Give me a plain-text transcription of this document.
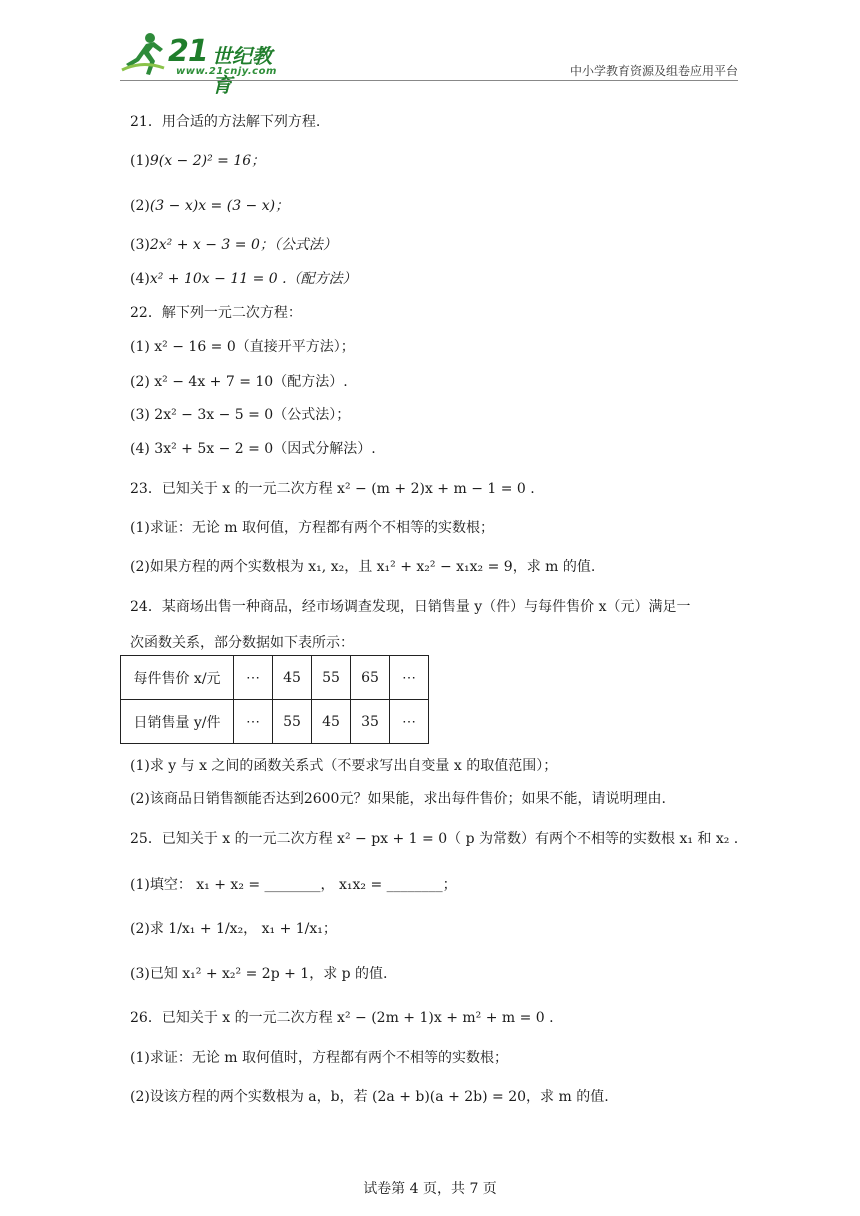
21 世纪教育
www.21cnjy.com	中小学教育资源及组卷应用平台
21．用合适的方法解下列方程.
(1)9(x − 2)² = 16；
(2)(3 − x)x = (3 − x)；
(3)2x² + x − 3 = 0；（公式法）
(4)x² + 10x − 11 = 0 .（配方法）
22．解下列一元二次方程：
(1) x² − 16 = 0（直接开平方法）；
(2) x² − 4x + 7 = 10（配方法）.
(3) 2x² − 3x − 5 = 0（公式法）；
(4) 3x² + 5x − 2 = 0（因式分解法）.
23．已知关于 x 的一元二次方程 x² − (m + 2)x + m − 1 = 0 .
(1)求证：无论 m 取何值，方程都有两个不相等的实数根；
(2)如果方程的两个实数根为 x₁, x₂，且 x₁² + x₂² − x₁x₂ = 9，求 m 的值.
24．某商场出售一种商品，经市场调查发现，日销售量 y（件）与每件售价 x（元）满足一
次函数关系，部分数据如下表所示：
每件售价 x/元	⋯	45	55	65	⋯
日销售量 y/件	⋯	55	45	35	⋯
(1)求 y 与 x 之间的函数关系式（不要求写出自变量 x 的取值范围）；
(2)该商品日销售额能否达到2600元？如果能，求出每件售价；如果不能，请说明理由.
25．已知关于 x 的一元二次方程 x² − px + 1 = 0（ p 为常数）有两个不相等的实数根 x₁ 和 x₂ .
(1)填空： x₁ + x₂ = ________， x₁x₂ = ________；
(2)求 1/x₁ + 1/x₂， x₁ + 1/x₁；
(3)已知 x₁² + x₂² = 2p + 1，求 p 的值.
26．已知关于 x 的一元二次方程 x² − (2m + 1)x + m² + m = 0 .
(1)求证：无论 m 取何值时，方程都有两个不相等的实数根；
(2)设该方程的两个实数根为 a，b，若 (2a + b)(a + 2b) = 20，求 m 的值.
试卷第 4 页，共 7 页
